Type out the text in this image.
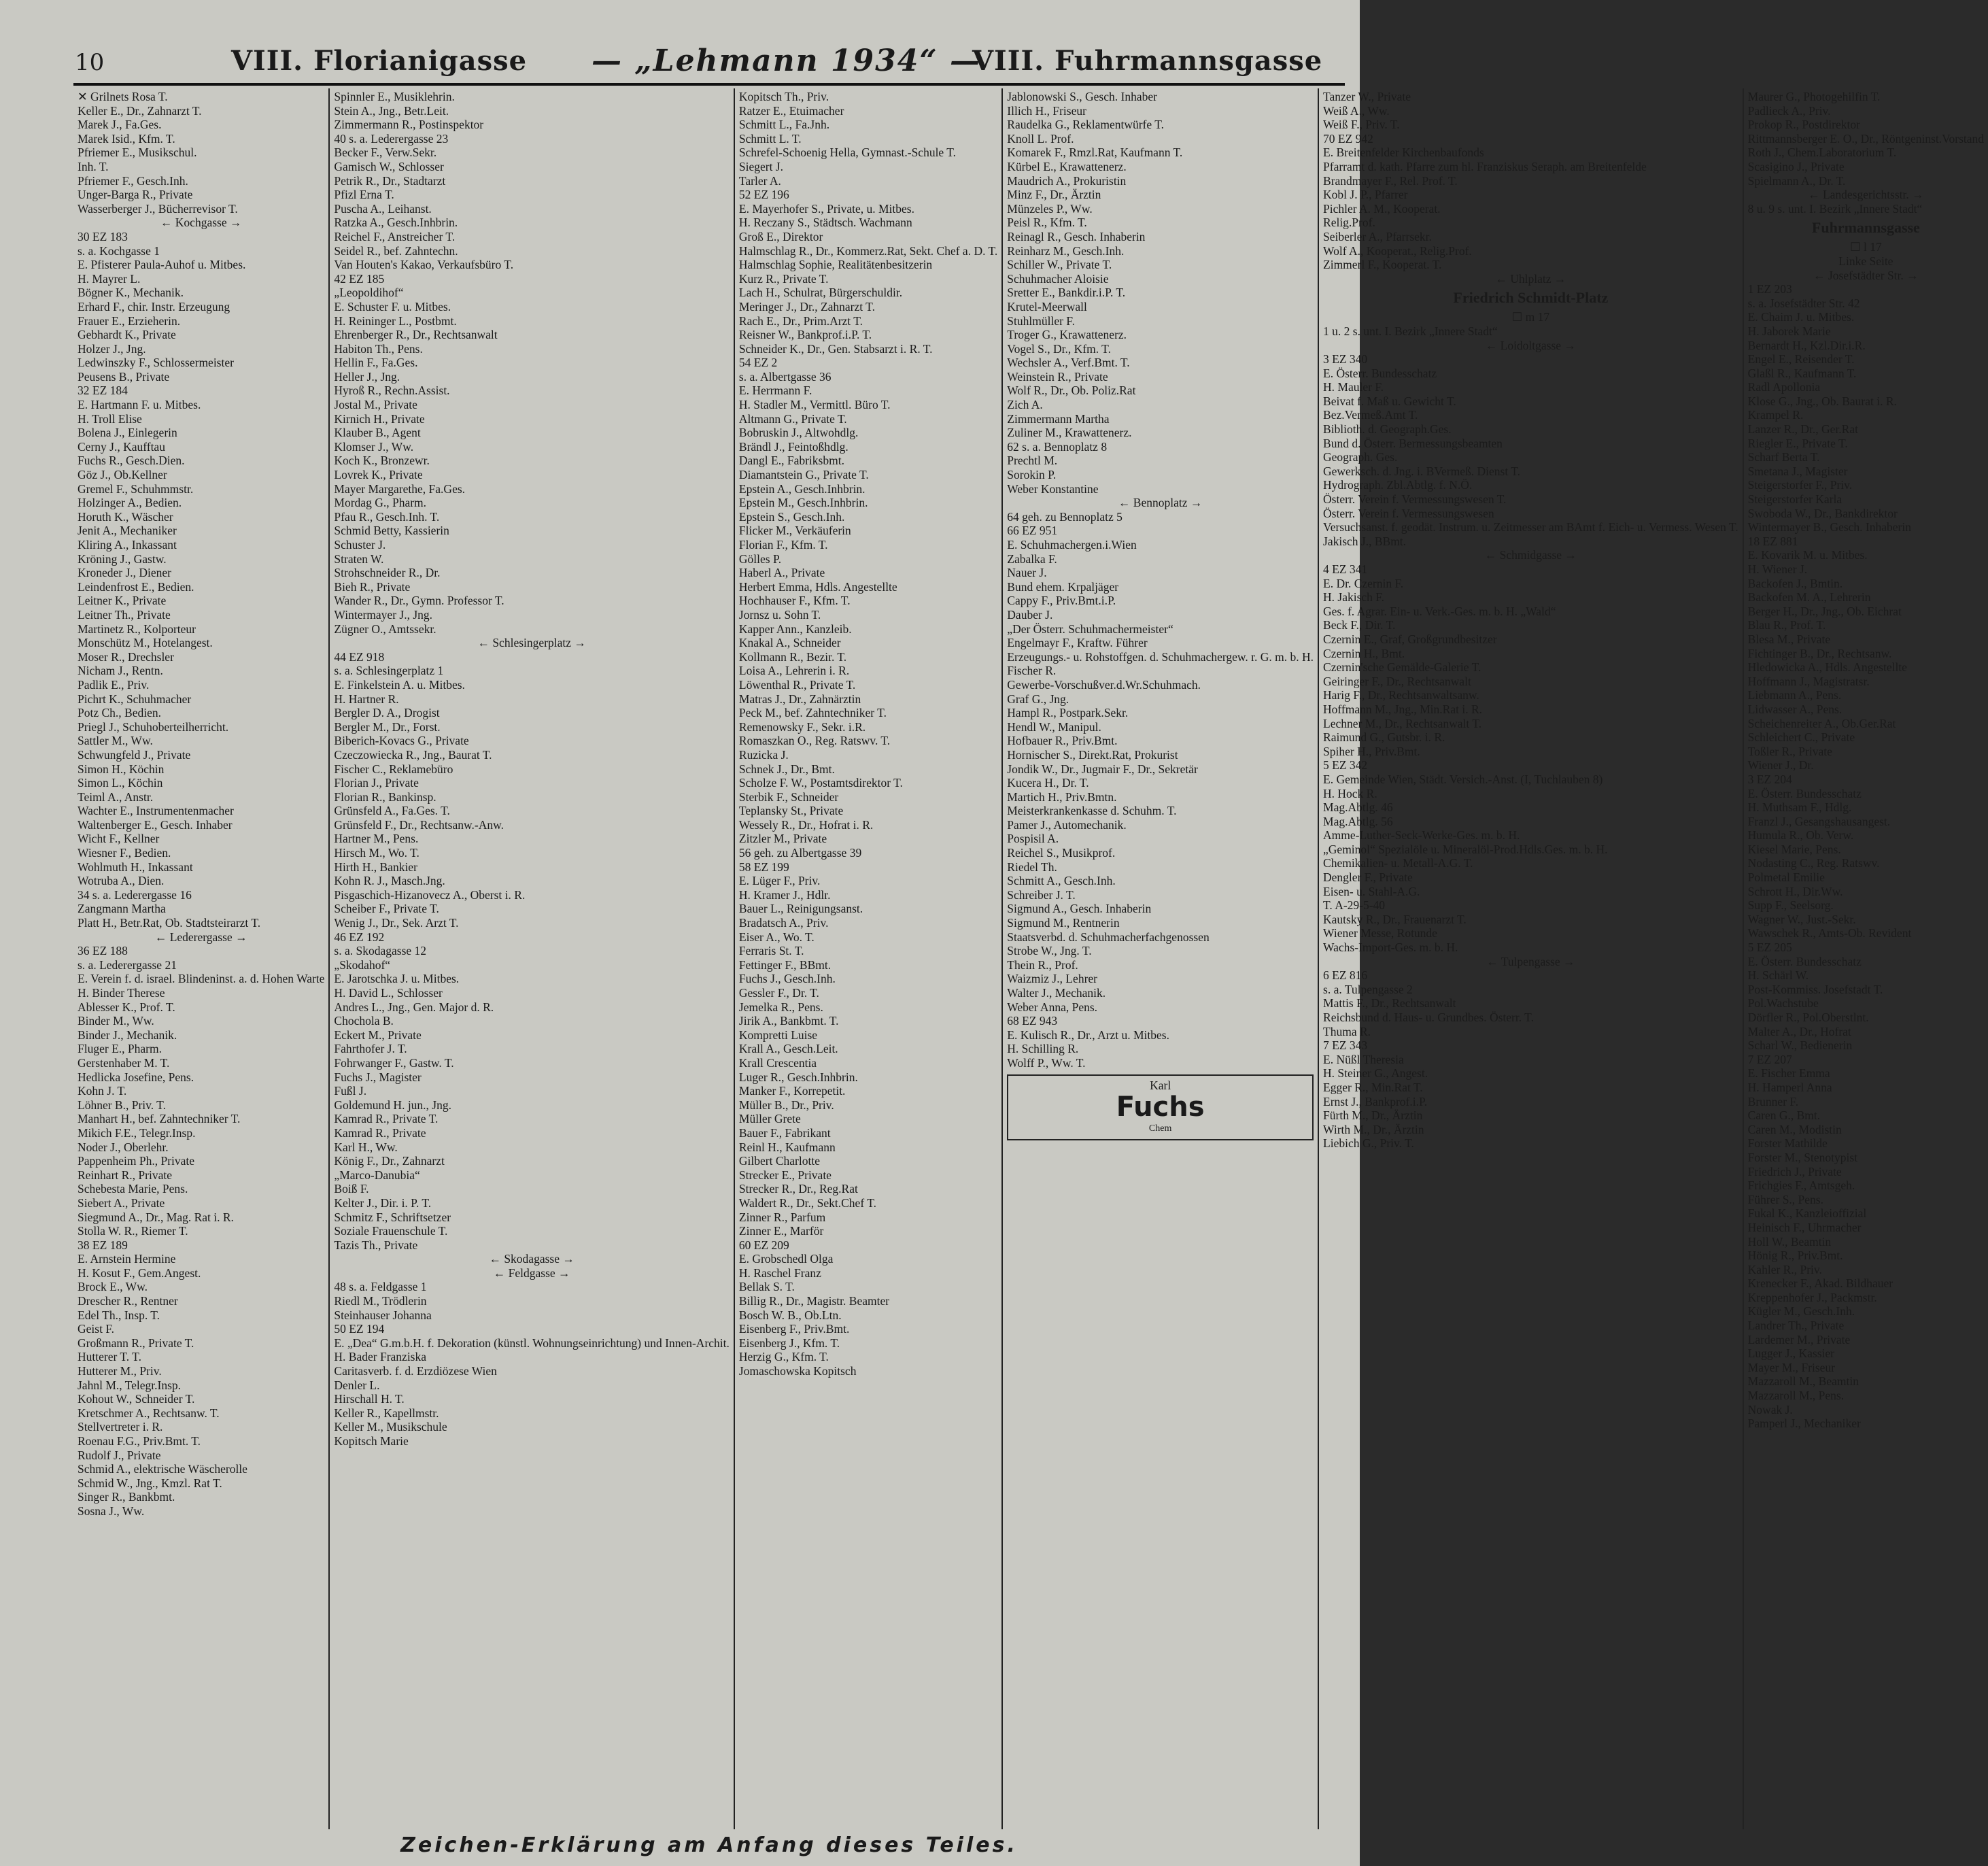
10	VIII. Florianigasse — „Lehmann 1934“ —
VIII. Fuhrmannsgasse
✕ Grilnets Rosa T.
Keller E., Dr., Zahnarzt T.
Marek J., Fa.Ges.
Marek Isid., Kfm. T.
Pfriemer E., Musikschul.
Inh. T.
Pfriemer F., Gesch.Inh.
Unger-Barga R., Private
Wasserberger J., Bücherrevisor T.
← Kochgasse →
30 EZ 183
s. a. Kochgasse 1
E. Pfisterer Paula-Auhof u. Mitbes.
H. Mayrer L.
Bögner K., Mechanik.
Erhard F., chir. Instr. Erzeugung
Frauer E., Erzieherin.
Gebhardt K., Private
Holzer J., Jng.
Ledwinszky F., Schlossermeister
Peusens B., Private
32 EZ 184
E. Hartmann F. u. Mitbes.
H. Troll Elise
Bolena J., Einlegerin
Cerny J., Kaufftau
Fuchs R., Gesch.Dien.
Göz J., Ob.Kellner
Gremel F., Schuhmmstr.
Holzinger A., Bedien.
Horuth K., Wäscher
Jenit A., Mechaniker
Kliring A., Inkassant
Kröning J., Gastw.
Kroneder J., Diener
Leindenfrost E., Bedien.
Leitner K., Private
Leitner Th., Private
Martinetz R., Kolporteur
Monschütz M., Hotelangest.
Moser R., Drechsler
Nicham J., Rentn.
Padlik E., Priv.
Pichrt K., Schuhmacher
Potz Ch., Bedien.
Priegl J., Schuhoberteilherricht.
Sattler M., Ww.
Schwungfeld J., Private
Simon H., Köchin
Simon L., Köchin
Teiml A., Anstr.
Wachter E., Instrumentenmacher
Waltenberger E., Gesch. Inhaber
Wicht F., Kellner
Wiesner F., Bedien.
Wohlmuth H., Inkassant
Wotruba A., Dien.
34 s. a. Lederergasse 16
Zangmann Martha
Platt H., Betr.Rat, Ob. Stadtsteirarzt T.
← Lederergasse →
36 EZ 188
s. a. Lederergasse 21
E. Verein f. d. israel. Blindeninst. a. d. Hohen Warte
H. Binder Therese
Ablesser K., Prof. T.
Binder M., Ww.
Binder J., Mechanik.
Fluger E., Pharm.
Gerstenhaber M. T.
Hedlicka Josefine, Pens.
Kohn J. T.
Löhner B., Priv. T.
Manhart H., bef. Zahntechniker T.
Mikich F.E., Telegr.Insp.
Noder J., Oberlehr.
Pappenheim Ph., Private
Reinhart R., Private
Schebesta Marie, Pens.
Siebert A., Private
Siegmund A., Dr., Mag. Rat i. R.
Stolla W. R., Riemer T.
38 EZ 189
E. Arnstein Hermine
H. Kosut F., Gem.Angest.
Brock E., Ww.
Drescher R., Rentner
Edel Th., Insp. T.
Geist F.
Großmann R., Private T.
Hutterer T. T.
Hutterer M., Priv.
Jahnl M., Telegr.Insp.
Kohout W., Schneider T.
Kretschmer A., Rechtsanw. T.
Stellvertreter i. R.
Roenau F.G., Priv.Bmt. T.
Rudolf J., Private
Schmid A., elektrische Wäscherolle
Schmid W., Jng., Kmzl. Rat T.
Singer R., Bankbmt.
Sosna J., Ww.
Spinnler E., Musiklehrin.
Stein A., Jng., Betr.Leit.
Zimmermann R., Postinspektor
40 s. a. Lederergasse 23
Becker F., Verw.Sekr.
Gamisch W., Schlosser
Petrik R., Dr., Stadtarzt
Pfizl Erna T.
Puscha A., Leihanst.
Ratzka A., Gesch.Inhbrin.
Reichel F., Anstreicher T.
Seidel R., bef. Zahntechn.
Van Houten's Kakao, Verkaufsbüro T.
42 EZ 185
„Leopoldihof“
E. Schuster F. u. Mitbes.
H. Reininger L., Postbmt.
Ehrenberger R., Dr., Rechtsanwalt
Habiton Th., Pens.
Hellin F., Fa.Ges.
Heller J., Jng.
Hyroß R., Rechn.Assist.
Jostal M., Private
Kirnich H., Private
Klauber B., Agent
Klomser J., Ww.
Koch K., Bronzewr.
Lovrek K., Private
Mayer Margarethe, Fa.Ges.
Mordag G., Pharm.
Pfau R., Gesch.Inh. T.
Schmid Betty, Kassierin
Schuster J.
Straten W.
Strohschneider R., Dr.
Bieh R., Private
Wander R., Dr., Gymn. Professor T.
Wintermayer J., Jng.
Zügner O., Amtssekr.
← Schlesingerplatz →
44 EZ 918
s. a. Schlesingerplatz 1
E. Finkelstein A. u. Mitbes.
H. Hartner R.
Bergler D. A., Drogist
Bergler M., Dr., Forst.
Biberich-Kovacs G., Private
Czeczowiecka R., Jng., Baurat T.
Fischer C., Reklamebüro
Florian J., Private
Florian R., Bankinsp.
Grünsfeld A., Fa.Ges. T.
Grünsfeld F., Dr., Rechtsanw.-Anw.
Hartner M., Pens.
Hirsch M., Wo. T.
Hirth H., Bankier
Kohn R. J., Masch.Jng.
Pisgaschich-Hizanovecz A., Oberst i. R.
Scheiber F., Private T.
Wenig J., Dr., Sek. Arzt T.
46 EZ 192
s. a. Skodagasse 12
„Skodahof“
E. Jarotschka J. u. Mitbes.
H. David L., Schlosser
Andres L., Jng., Gen. Major d. R.
Chochola B.
Eckert M., Private
Fahrthofer J. T.
Fohrwanger F., Gastw. T.
Fuchs J., Magister
Fußl J.
Goldemund H. jun., Jng.
Kamrad R., Private T.
Kamrad R., Private
Karl H., Ww.
König F., Dr., Zahnarzt
„Marco-Danubia“
Boiß F.
Kelter J., Dir. i. P. T.
Schmitz F., Schriftsetzer
Soziale Frauenschule T.
Tazis Th., Private
← Skodagasse →
← Feldgasse →
48 s. a. Feldgasse 1
Riedl M., Trödlerin
Steinhauser Johanna
50 EZ 194
E. „Dea“ G.m.b.H. f. Dekoration (künstl. Wohnungseinrichtung) und Innen-Archit.
H. Bader Franziska
Caritasverb. f. d. Erzdiözese Wien
Denler L.
Hirschall H. T.
Keller R., Kapellmstr.
Keller M., Musikschule
Kopitsch Marie
Kopitsch Th., Priv.
Ratzer E., Etuimacher
Schmitt L., Fa.Jnh.
Schmitt L. T.
Schrefel-Schoenig Hella, Gymnast.-Schule T.
Siegert J.
Tarler A.
52 EZ 196
E. Mayerhofer S., Private, u. Mitbes.
H. Reczany S., Städtsch. Wachmann
Groß E., Direktor
Halmschlag R., Dr., Kommerz.Rat, Sekt. Chef a. D. T.
Halmschlag Sophie, Realitätenbesitzerin
Kurz R., Private T.
Lach H., Schulrat, Bürgerschuldir.
Meringer J., Dr., Zahnarzt T.
Rach E., Dr., Prim.Arzt T.
Reisner W., Bankprof.i.P. T.
Schneider K., Dr., Gen. Stabsarzt i. R. T.
54 EZ 2
s. a. Albertgasse 36
E. Herrmann F.
H. Stadler M., Vermittl. Büro T.
Altmann G., Private T.
Bobruskin J., Altwohdlg.
Brändl J., Feintoßhdlg.
Dangl E., Fabriksbmt.
Diamantstein G., Private T.
Epstein A., Gesch.Inhbrin.
Epstein M., Gesch.Inhbrin.
Epstein S., Gesch.Inh.
Flicker M., Verkäuferin
Florian F., Kfm. T.
Gölles P.
Haberl A., Private
Herbert Emma, Hdls. Angestellte
Hochhauser F., Kfm. T.
Jornsz u. Sohn T.
Kapper Ann., Kanzleib.
Knakal A., Schneider
Kollmann R., Bezir. T.
Loisa A., Lehrerin i. R.
Löwenthal R., Private T.
Matras J., Dr., Zahnärztin
Peck M., bef. Zahntechniker T.
Remenowsky F., Sekr. i.R.
Romaszkan O., Reg. Ratswv. T.
Ruzicka J.
Schnek J., Dr., Bmt.
Scholze F. W., Postamtsdirektor T.
Sterbik F., Schneider
Teplansky St., Private
Wessely R., Dr., Hofrat i. R.
Zitzler M., Private
56 geh. zu Albertgasse 39
58 EZ 199
E. Lüger F., Priv.
H. Kramer J., Hdlr.
Bauer L., Reinigungsanst.
Bradatsch A., Priv.
Eiser A., Wo. T.
Ferraris St. T.
Fettinger F., BBmt.
Fuchs J., Gesch.Inh.
Gessler F., Dr. T.
Jemelka R., Pens.
Jirik A., Bankbmt. T.
Kompretti Luise
Krall A., Gesch.Leit.
Krall Crescentia
Luger R., Gesch.Inhbrin.
Manker F., Korrepetit.
Müller B., Dr., Priv.
Müller Grete
Bauer F., Fabrikant
Reinl H., Kaufmann
Gilbert Charlotte
Strecker E., Private
Strecker R., Dr., Reg.Rat
Waldert R., Dr., Sekt.Chef T.
Zinner R., Parfum
Zinner E., Marför
60 EZ 209
E. Grobschedl Olga
H. Raschel Franz
Bellak S. T.
Billig R., Dr., Magistr. Beamter
Bosch W. B., Ob.Ltn.
Eisenberg F., Priv.Bmt.
Eisenberg J., Kfm. T.
Herzig G., Kfm. T.
Jomaschowska Kopitsch
Jablonowski S., Gesch. Inhaber
Illich H., Friseur
Raudelka G., Reklamentwürfe T.
Knoll L. Prof.
Komarek F., Rmzl.Rat, Kaufmann T.
Kürbel E., Krawattenerz.
Maudrich A., Prokuristin
Minz F., Dr., Ärztin
Münzeles P., Ww.
Peisl R., Kfm. T.
Reinagl R., Gesch. Inhaberin
Reinharz M., Gesch.Inh.
Schiller W., Private T.
Schuhmacher Aloisie
Sretter E., Bankdir.i.P. T.
Krutel-Meerwall
Stuhlmüller F.
Troger G., Krawattenerz.
Vogel S., Dr., Kfm. T.
Wechsler A., Verf.Bmt. T.
Weinstein R., Private
Wolf R., Dr., Ob. Poliz.Rat
Zich A.
Zimmermann Martha
Zuliner M., Krawattenerz.
62 s. a. Bennoplatz 8
Prechtl M.
Sorokin P.
Weber Konstantine
← Bennoplatz →
64 geh. zu Bennoplatz 5
66 EZ 951
E. Schuhmachergen.i.Wien
Zabalka F.
Nauer J.
Bund ehem. Krpaljäger
Cappy F., Priv.Bmt.i.P.
Dauber J.
„Der Österr. Schuhmachermeister“
Engelmayr F., Kraftw. Führer
Erzeugungs.- u. Rohstoffgen. d. Schuhmachergew. r. G. m. b. H.
Fischer R.
Gewerbe-Vorschußver.d.Wr.Schuhmach.
Graf G., Jng.
Hampl R., Postpark.Sekr.
Hendl W., Manipul.
Hofbauer R., Priv.Bmt.
Hornischer S., Direkt.Rat, Prokurist
Jondik W., Dr., Jugmair F., Dr., Sekretär
Kucera H., Dr. T.
Martich H., Priv.Bmtn.
Meisterkrankenkasse d. Schuhm. T.
Pamer J., Automechanik.
Pospisil A.
Reichel S., Musikprof.
Riedel Th.
Schmitt A., Gesch.Inh.
Schreiber J. T.
Sigmund A., Gesch. Inhaberin
Sigmund M., Rentnerin
Staatsverbd. d. Schuhmacherfachgenossen
Strobe W., Jng. T.
Thein R., Prof.
Waizmiz J., Lehrer
Walter J., Mechanik.
Weber Anna, Pens.
68 EZ 943
E. Kulisch R., Dr., Arzt u. Mitbes.
H. Schilling R.
Wolff P., Ww. T.
Karl
Fuchs
Chem
Tanzer W., Private
Weiß A., Ww.
Weiß F., Priv. T.
70 EZ 942
E. Breitenfelder Kirchenbaufonds
Pfarramt d. kath. Pfarre zum hl. Franziskus Seraph. am Breitenfelde
Brandmayer F., Rel. Prof. T.
Kobl J. P., Pfarrer
Pichler A. M., Kooperat.
Relig.Prof.
Seiberler A., Pfarrsekr.
Wolf A., Kooperat., Relig.Prof.
Zimmerl F., Kooperat. T.
← Uhlplatz →
Friedrich Schmidt-Platz
☐ m 17
1 u. 2 s. unt. I. Bezirk „Innere Stadt“
← Loidoltgasse →
3 EZ 340
E. Österr. Bundesschatz
H. Mauler F.
Beivat f. Maß u. Gewicht T.
Bez.Vermeß.Amt T.
Biblioth. d. Geograph.Ges.
Bund d. Österr. Bermessungsbeamten
Geograph. Ges.
Gewerksch. d. Jng. i. BVermeß. Dienst T.
Hydrograph. Zbl.Abtlg. f. N.Ö.
Österr. Verein f. Vermessungswesen T.
Österr. Verein f. Vermessungswesen
Versuchsanst. f. geodät. Instrum. u. Zeitmesser am BAmt f. Eich- u. Vermess. Wesen T.
Jakisch J., BBmt.
← Schmidgasse →
4 EZ 341
E. Dr. Czernin F.
H. Jakisch F.
Ges. f. Agrar. Ein- u. Verk.-Ges. m. b. H. „Wald“
Beck F., Dir. T.
Czernin E., Graf, Großgrundbesitzer
Czernin H., Bmt.
Czernin'sche Gemälde-Galerie T.
Geiringer F., Dr., Rechtsanwalt
Harig F., Dr., Rechtsanwaltsanw.
Hoffmann M., Jng., Min.Rat i. R.
Lechner M., Dr., Rechtsanwalt T.
Raimund G., Gutsbr. i. R.
Spiher H., Priv.Bmt.
5 EZ 342
E. Gemeinde Wien, Städt. Versich.-Anst. (I, Tuchlauben 8)
H. Hock R.
Mag.Abtlg. 46
Mag.Abtlg. 56
Amme-Luther-Seck-Werke-Ges. m. b. H.
„Geminol“ Spezialöle u. Mineralöl-Prod.Hdls.Ges. m. b. H.
Chemikalien- u. Metall-A.G. T.
Dengler F., Private
Eisen- u. Stahl-A.G.
T. A-29-5-40
Kautsky R., Dr., Frauenarzt T.
Wiener Messe, Rotunde
Wachs-Import-Ges. m. b. H.
← Tulpengasse →
6 EZ 816
s. a. Tulpengasse 2
Mattis F., Dr., Rechtsanwalt
Reichsbund d. Haus- u. Grundbes. Österr. T.
Thuma R.
7 EZ 343
E. Nüßl Theresia
H. Steiner G., Angest.
Egger R., Min.Rat T.
Ernst J., Bankprof.i.P.
Fürth M., Dr., Ärztin
Wirth M., Dr., Ärztin
Liebich G., Priv. T.
Maurer G., Photogehilfin T.
Padlieck A., Priv.
Prokop R., Postdirektor
Rittmannsberger E. O., Dr., Röntgeninst.Vorstand
Roth J., Chem.Laboratorium T.
Scasigino J., Private
Spielmann A., Dr. T.
← Landesgerichtsstr. →
8 u. 9 s. unt. I. Bezirk „Innere Stadt“
Fuhrmannsgasse
☐ l 17
Linke Seite
← Josefstädter Str. →
1 EZ 203
s. a. Josefstädter Str. 42
E. Chaim J. u. Mitbes.
H. Jaborek Marie
Bernardt H., Kzl.Dir.i.R.
Engel E., Reisender T.
Glaßl R., Kaufmann T.
Radl Apollonia
Klose G., Jng., Ob. Baurat i. R.
Krampel R.
Lanzer R., Dr., Ger.Rat
Riegler E., Private T.
Scharf Berta T.
Smetana J., Magister
Steigerstorfer F., Priv.
Steigerstorfer Karla
Swoboda W., Dr., Bankdirektor
Wintermayer B., Gesch. Inhaberin
18 EZ 881
E. Kovarik M. u. Mitbes.
H. Wiener J.
Backofen J., Bmtin.
Backofen M. A., Lehrerin
Berger H., Dr., Jng., Ob. Eichrat
Blau R., Prof. T.
Blesa M., Private
Fichtinger B., Dr., Rechtsanw.
Hledowicka A., Hdls. Angestellte
Hoffmann J., Magistratsr.
Liebmann A., Pens.
Lidwasser A., Pens.
Scheichenreiter A., Ob.Ger.Rat
Schleichert C., Private
Toßler R., Private
Wiener J., Dr.
3 EZ 204
E. Österr. Bundesschatz
H. Muthsam F., Hdlg.
Franzl J., Gesangshausangest.
Humula R., Ob. Verw.
Kiesel Marie, Pens.
Nodasting C., Reg. Ratswv.
Polmetal Emilie
Schrott H., Dir.Ww.
Supp F., Seelsorg.
Wagner W., Just.-Sekr.
Wawschek R., Amts-Ob. Revident
5 EZ 205
E. Österr. Bundesschatz
H. Schärl W.
Post-Kommiss. Josefstadt T.
Pol.Wachstube
Dörfler R., Pol.Oberstlnt.
Malter A., Dr., Hofrat
Scharl W., Bedienerin
7 EZ 207
E. Fischer Emma
H. Hamperl Anna
Brunner F.
Caren G., Bmt.
Caren M., Modistin
Forster Mathilde
Forster M., Stenotypist
Friedrich J., Private
Frichgies F., Amtsgeh.
Führer S., Pens.
Fukal K., Kanzleioffizial
Heinisch F., Uhrmacher
Holl W., Beamtin
Hönig R., Priv.Bmt.
Kahler R., Priv.
Krenecker F., Akad. Bildhauer
Kreppenhofer J., Packmstr.
Kügler M., Gesch.Inh.
Landrer Th., Private
Lardemer M., Private
Lugger J., Kassier
Mayer M., Friseur
Mazzaroll M., Beamtin
Mazzaroll M., Pens.
Nowak J.
Pamperl J., Mechaniker
Zeichen-Erklärung am Anfang dieses Teiles.
